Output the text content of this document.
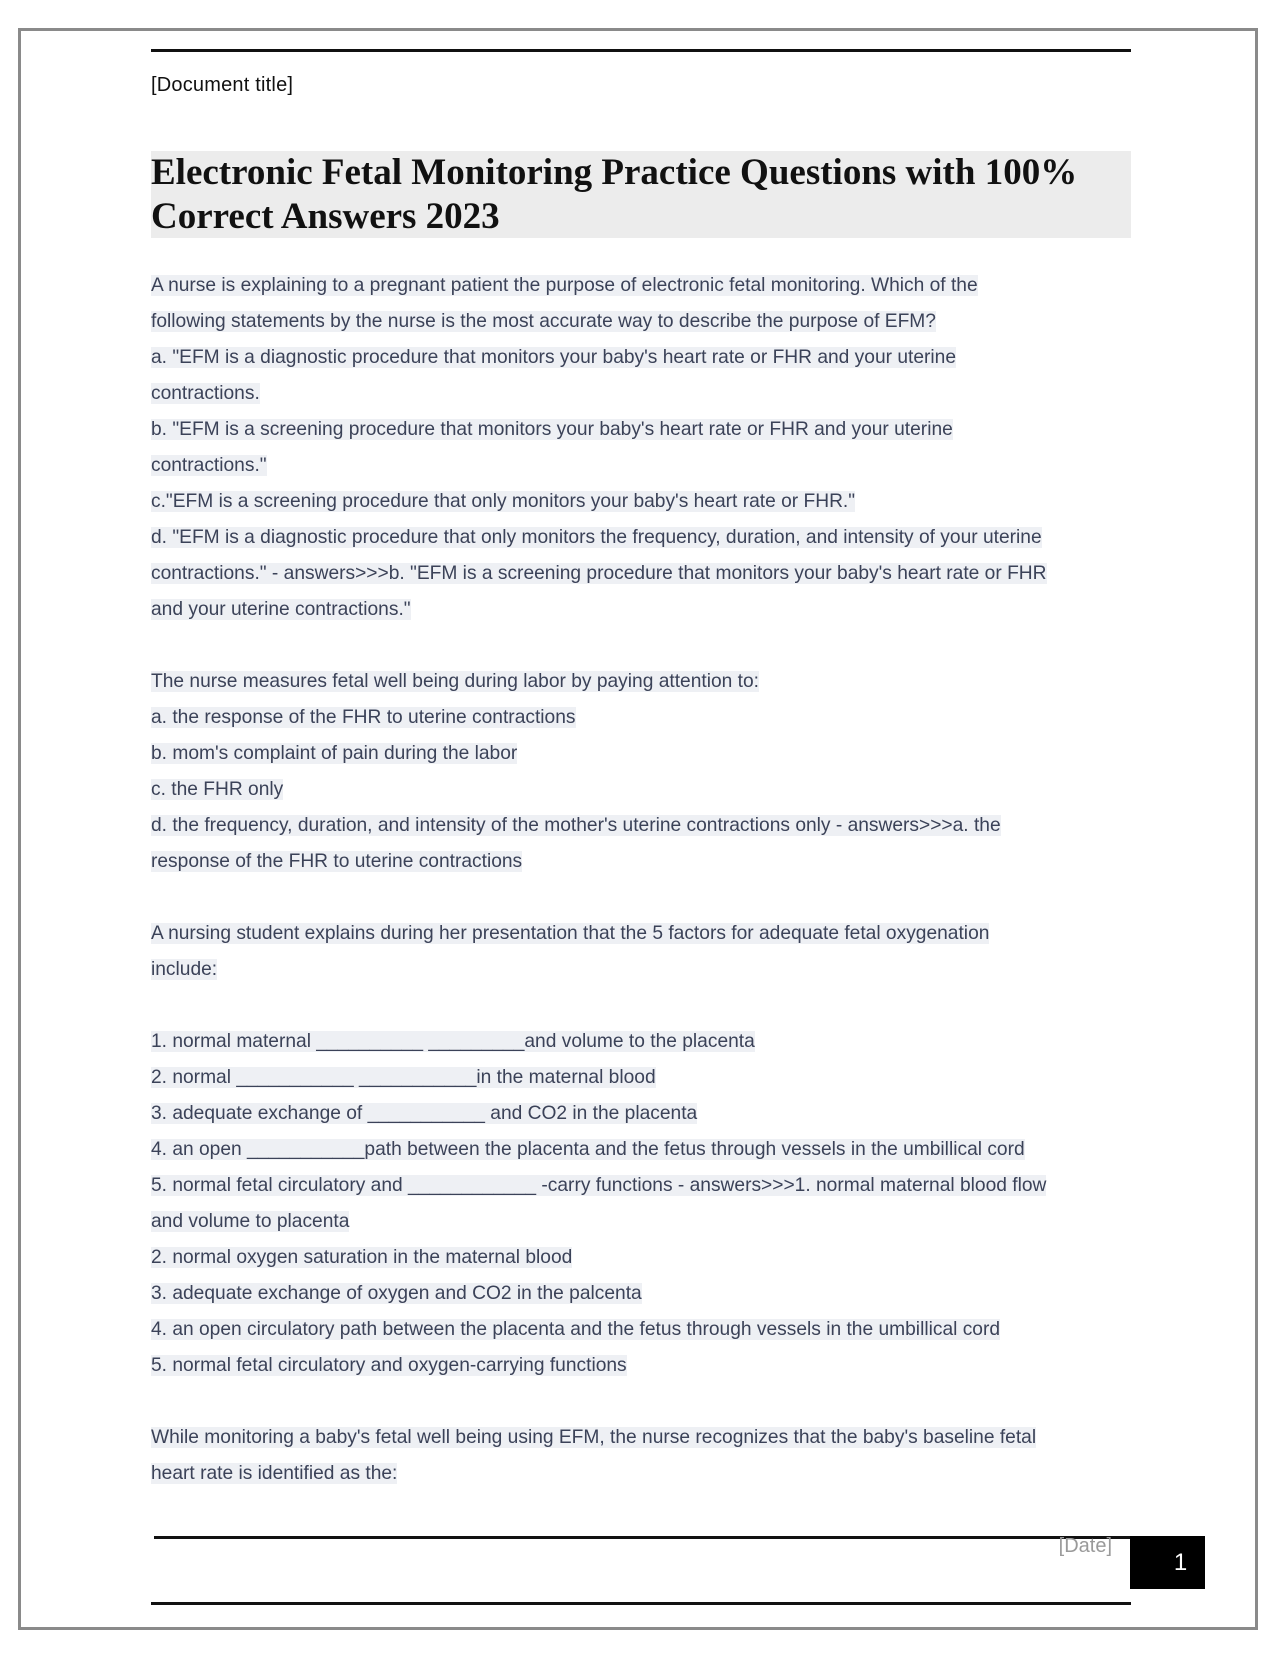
[Document title]
Electronic Fetal Monitoring Practice Questions with 100%
Correct Answers 2023
A nurse is explaining to a pregnant patient the purpose of electronic fetal monitoring. Which of the
following statements by the nurse is the most accurate way to describe the purpose of EFM?
a. "EFM is a diagnostic procedure that monitors your baby's heart rate or FHR and your uterine
contractions.
b. "EFM is a screening procedure that monitors your baby's heart rate or FHR and your uterine
contractions."
c."EFM is a screening procedure that only monitors your baby's heart rate or FHR."
d. "EFM is a diagnostic procedure that only monitors the frequency, duration, and intensity of your uterine
contractions." - answers>>>b. "EFM is a screening procedure that monitors your baby's heart rate or FHR
and your uterine contractions."
The nurse measures fetal well being during labor by paying attention to:
a. the response of the FHR to uterine contractions
b. mom's complaint of pain during the labor
c. the FHR only
d. the frequency, duration, and intensity of the mother's uterine contractions only - answers>>>a. the
response of the FHR to uterine contractions
A nursing student explains during her presentation that the 5 factors for adequate fetal oxygenation
include:
1. normal maternal __________ _________and volume to the placenta
2. normal ___________ ___________in the maternal blood
3. adequate exchange of ___________ and CO2 in the placenta
4. an open ___________path between the placenta and the fetus through vessels in the umbillical cord
5. normal fetal circulatory and ____________ -carry functions - answers>>>1. normal maternal blood flow
and volume to placenta
2. normal oxygen saturation in the maternal blood
3. adequate exchange of oxygen and CO2 in the palcenta
4. an open circulatory path between the placenta and the fetus through vessels in the umbillical cord
5. normal fetal circulatory and oxygen-carrying functions
While monitoring a baby's fetal well being using EFM, the nurse recognizes that the baby's baseline fetal
heart rate is identified as the:
[Date]
1
